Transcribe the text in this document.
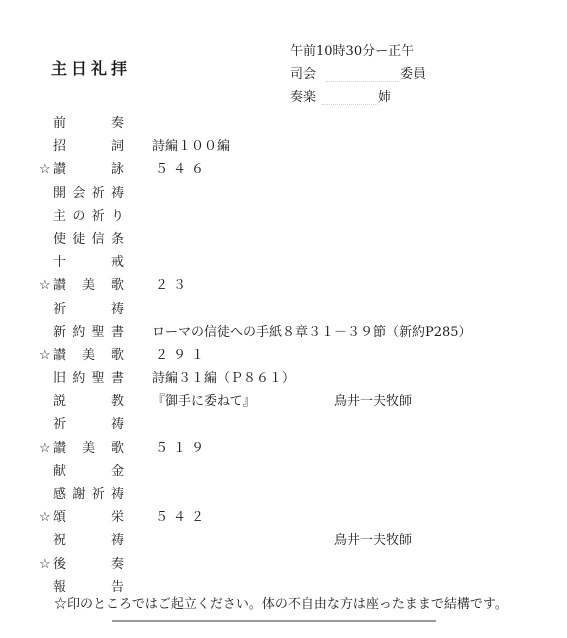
主日礼拝
午前10時30分ー正午
司会	委員
奏楽	姉
前	奏
招	詞 詩編１００編
☆ 讃	詠 ５４６
開 会 祈 祷
主 の 祈 り
使 徒 信 条
十	戒
☆ 讃 美 歌 ２３
祈	祷
新 約 聖 書 ローマの信徒への手紙８章３１－３９節（新約P285）
☆ 讃 美 歌 ２９１
旧 約 聖 書 詩編３１編（Ｐ８６１）
説	教 『御手に委ねて』	鳥井一夫牧師
祈	祷
☆ 讃 美 歌 ５１９
献	金
感 謝 祈 祷
☆ 頌	栄 ５４２
祝	祷	鳥井一夫牧師
☆ 後	奏
報	告
☆印のところではご起立ください。体の不自由な方は座ったままで結構です。
